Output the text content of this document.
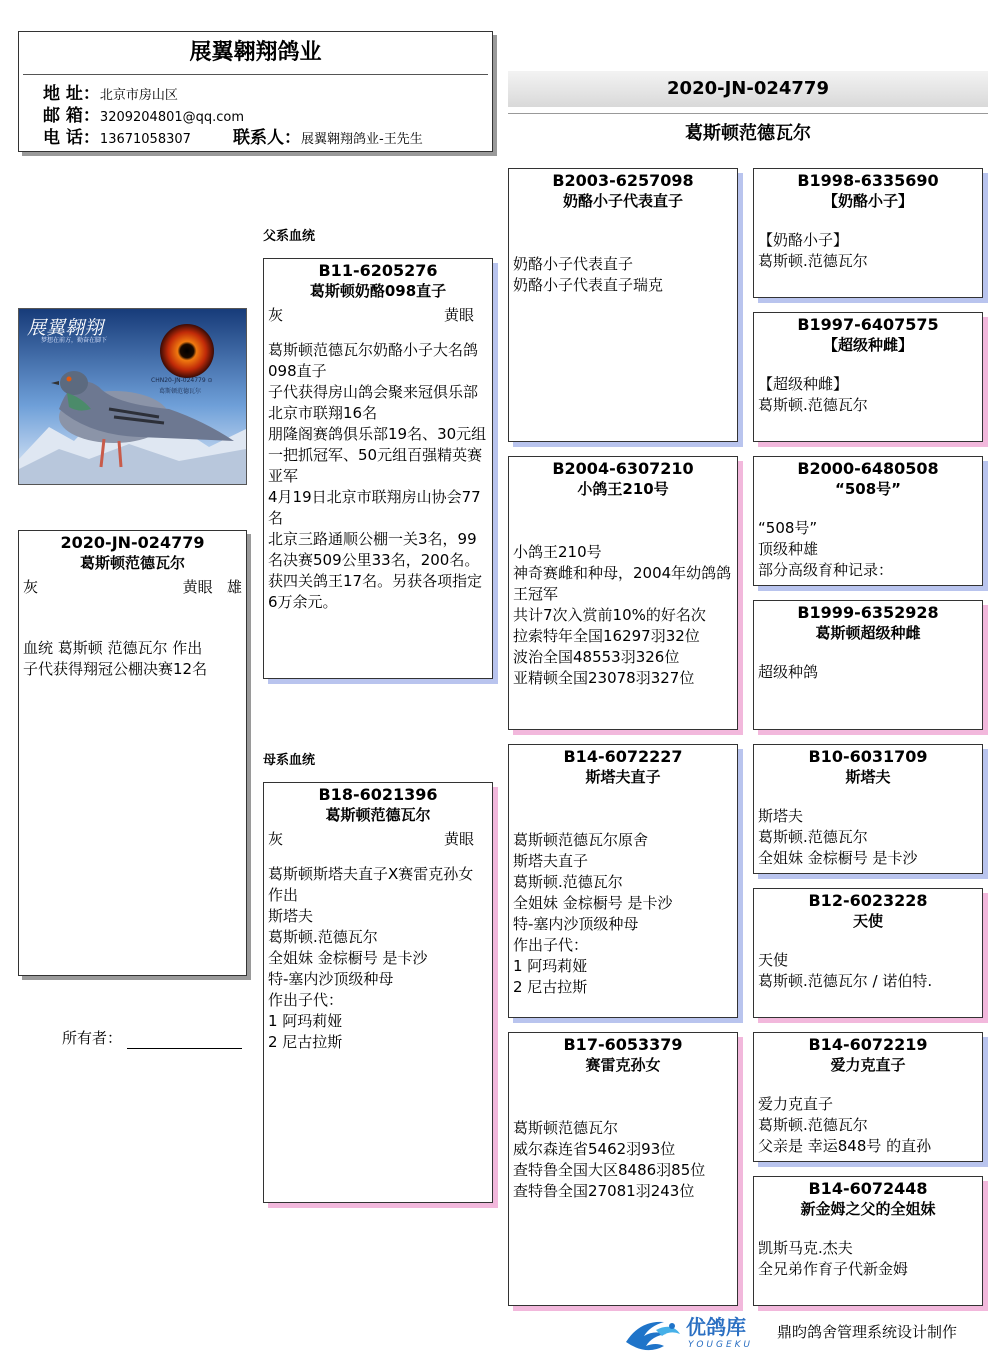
展翼翱翔鸽业
地 址：北京市房山区
邮 箱：3209204801@qq.com
电 话：13671058307 联系人：展翼翱翔鸽业-王先生
2020-JN-024779
葛斯顿范德瓦尔
展翼翱翔
梦想在前方，勤奋在脚下
CHN20-JN-024779 ⊙
葛斯顿范德瓦尔
2020-JN-024779
葛斯顿范德瓦尔
灰	黄眼 雄
血统 葛斯顿 范德瓦尔 作出
子代获得翔冠公棚决赛12名
所有者：
父系血统
母系血统
B11-6205276
葛斯顿奶酪098直子
灰	黄眼
葛斯顿范德瓦尔奶酪小子大名鸽098直子
子代获得房山鸽会聚来冠俱乐部北京市联翔16名
朋隆阁赛鸽俱乐部19名、30元组一把抓冠军、50元组百强精英赛亚军
4月19日北京市联翔房山协会77名
北京三路通顺公棚一关3名，99名决赛509公里33名，200名。获四关鸽王17名。另获各项指定6万余元。
B18-6021396
葛斯顿范德瓦尔
灰	黄眼
葛斯顿斯塔夫直子X赛雷克孙女作出
斯塔夫
葛斯顿.范德瓦尔
全姐妹 金棕橱号 是卡沙
特-塞内沙顶级种母
作出子代：
1 阿玛莉娅
2 尼古拉斯
B2003-6257098
奶酪小子代表直子
奶酪小子代表直子
奶酪小子代表直子瑞克
B2004-6307210
小鸽王210号
小鸽王210号
神奇赛雌和种母，2004年幼鸽鸽王冠军
共计7次入赏前10%的好名次
拉索特年全国16297羽32位
波治全国48553羽326位
亚精顿全国23078羽327位
B14-6072227
斯塔夫直子
葛斯顿范德瓦尔原舍
斯塔夫直子
葛斯顿.范德瓦尔
全姐妹 金棕橱号 是卡沙
特-塞内沙顶级种母
作出子代：
1 阿玛莉娅
2 尼古拉斯
B17-6053379
赛雷克孙女
葛斯顿范德瓦尔
威尔森连省5462羽93位
查特鲁全国大区8486羽85位
查特鲁全国27081羽243位
B1998-6335690
【奶酪小子】
【奶酪小子】
葛斯顿.范德瓦尔
B1997-6407575
【超级种雌】
【超级种雌】
葛斯顿.范德瓦尔
B2000-6480508
“508号”
“508号”
顶级种雄
部分高级育种记录：
B1999-6352928
葛斯顿超级种雌
超级种鸽
B10-6031709
斯塔夫
斯塔夫
葛斯顿.范德瓦尔
全姐妹 金棕橱号 是卡沙
B12-6023228
天使
天使
葛斯顿.范德瓦尔 / 诺伯特.
B14-6072219
爱力克直子
爱力克直子
葛斯顿.范德瓦尔
父亲是 幸运848号 的直孙
B14-6072448
新金姆之父的全姐妹
凯斯马克.杰夫
全兄弟作育子代新金姆
优鸽库
YOUGEKU
鼎昀鸽舍管理系统设计制作
